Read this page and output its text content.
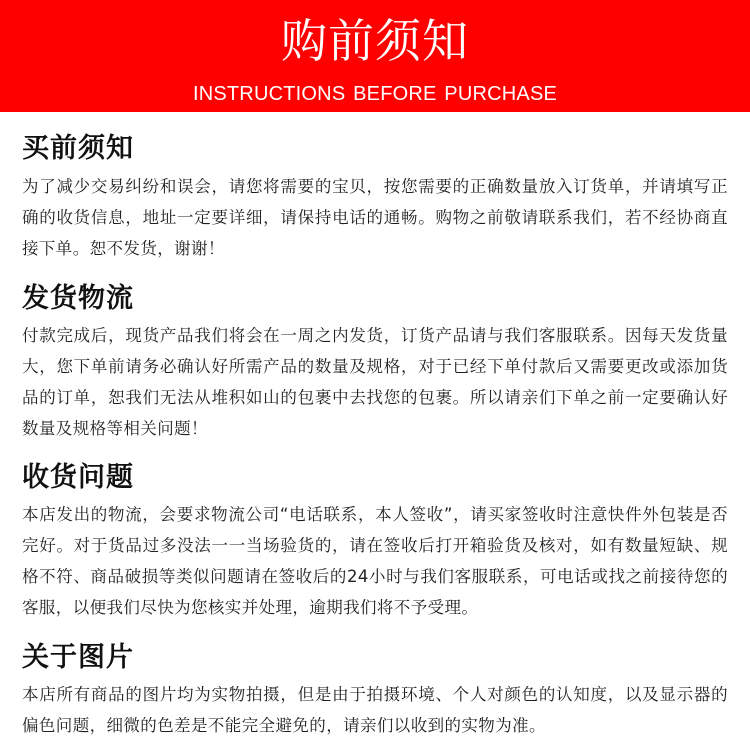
购前须知
INSTRUCTIONS BEFORE PURCHASE
买前须知

为了减少交易纠纷和误会，请您将需要的宝贝，按您需要的正确数量放入订货单，并请填写正确的收货信息，地址一定要详细，请保持电话的通畅。购物之前敬请联系我们，若不经协商直接下单。恕不发货，谢谢！

发货物流

付款完成后，现货产品我们将会在一周之内发货，订货产品请与我们客服联系。因每天发货量大，您下单前请务必确认好所需产品的数量及规格，对于已经下单付款后又需要更改或添加货品的订单，恕我们无法从堆积如山的包裹中去找您的包裹。所以请亲们下单之前一定要确认好数量及规格等相关问题！

收货问题

本店发出的物流，会要求物流公司“电话联系，本人签收”，请买家签收时注意快件外包装是否完好。对于货品过多没法一一当场验货的，请在签收后打开箱验货及核对，如有数量短缺、规格不符、商品破损等类似问题请在签收后的24小时与我们客服联系，可电话或找之前接待您的客服，以便我们尽快为您核实并处理，逾期我们将不予受理。

关于图片

本店所有商品的图片均为实物拍摄，但是由于拍摄环境、个人对颜色的认知度，以及显示器的偏色问题，细微的色差是不能完全避免的，请亲们以收到的实物为准。
